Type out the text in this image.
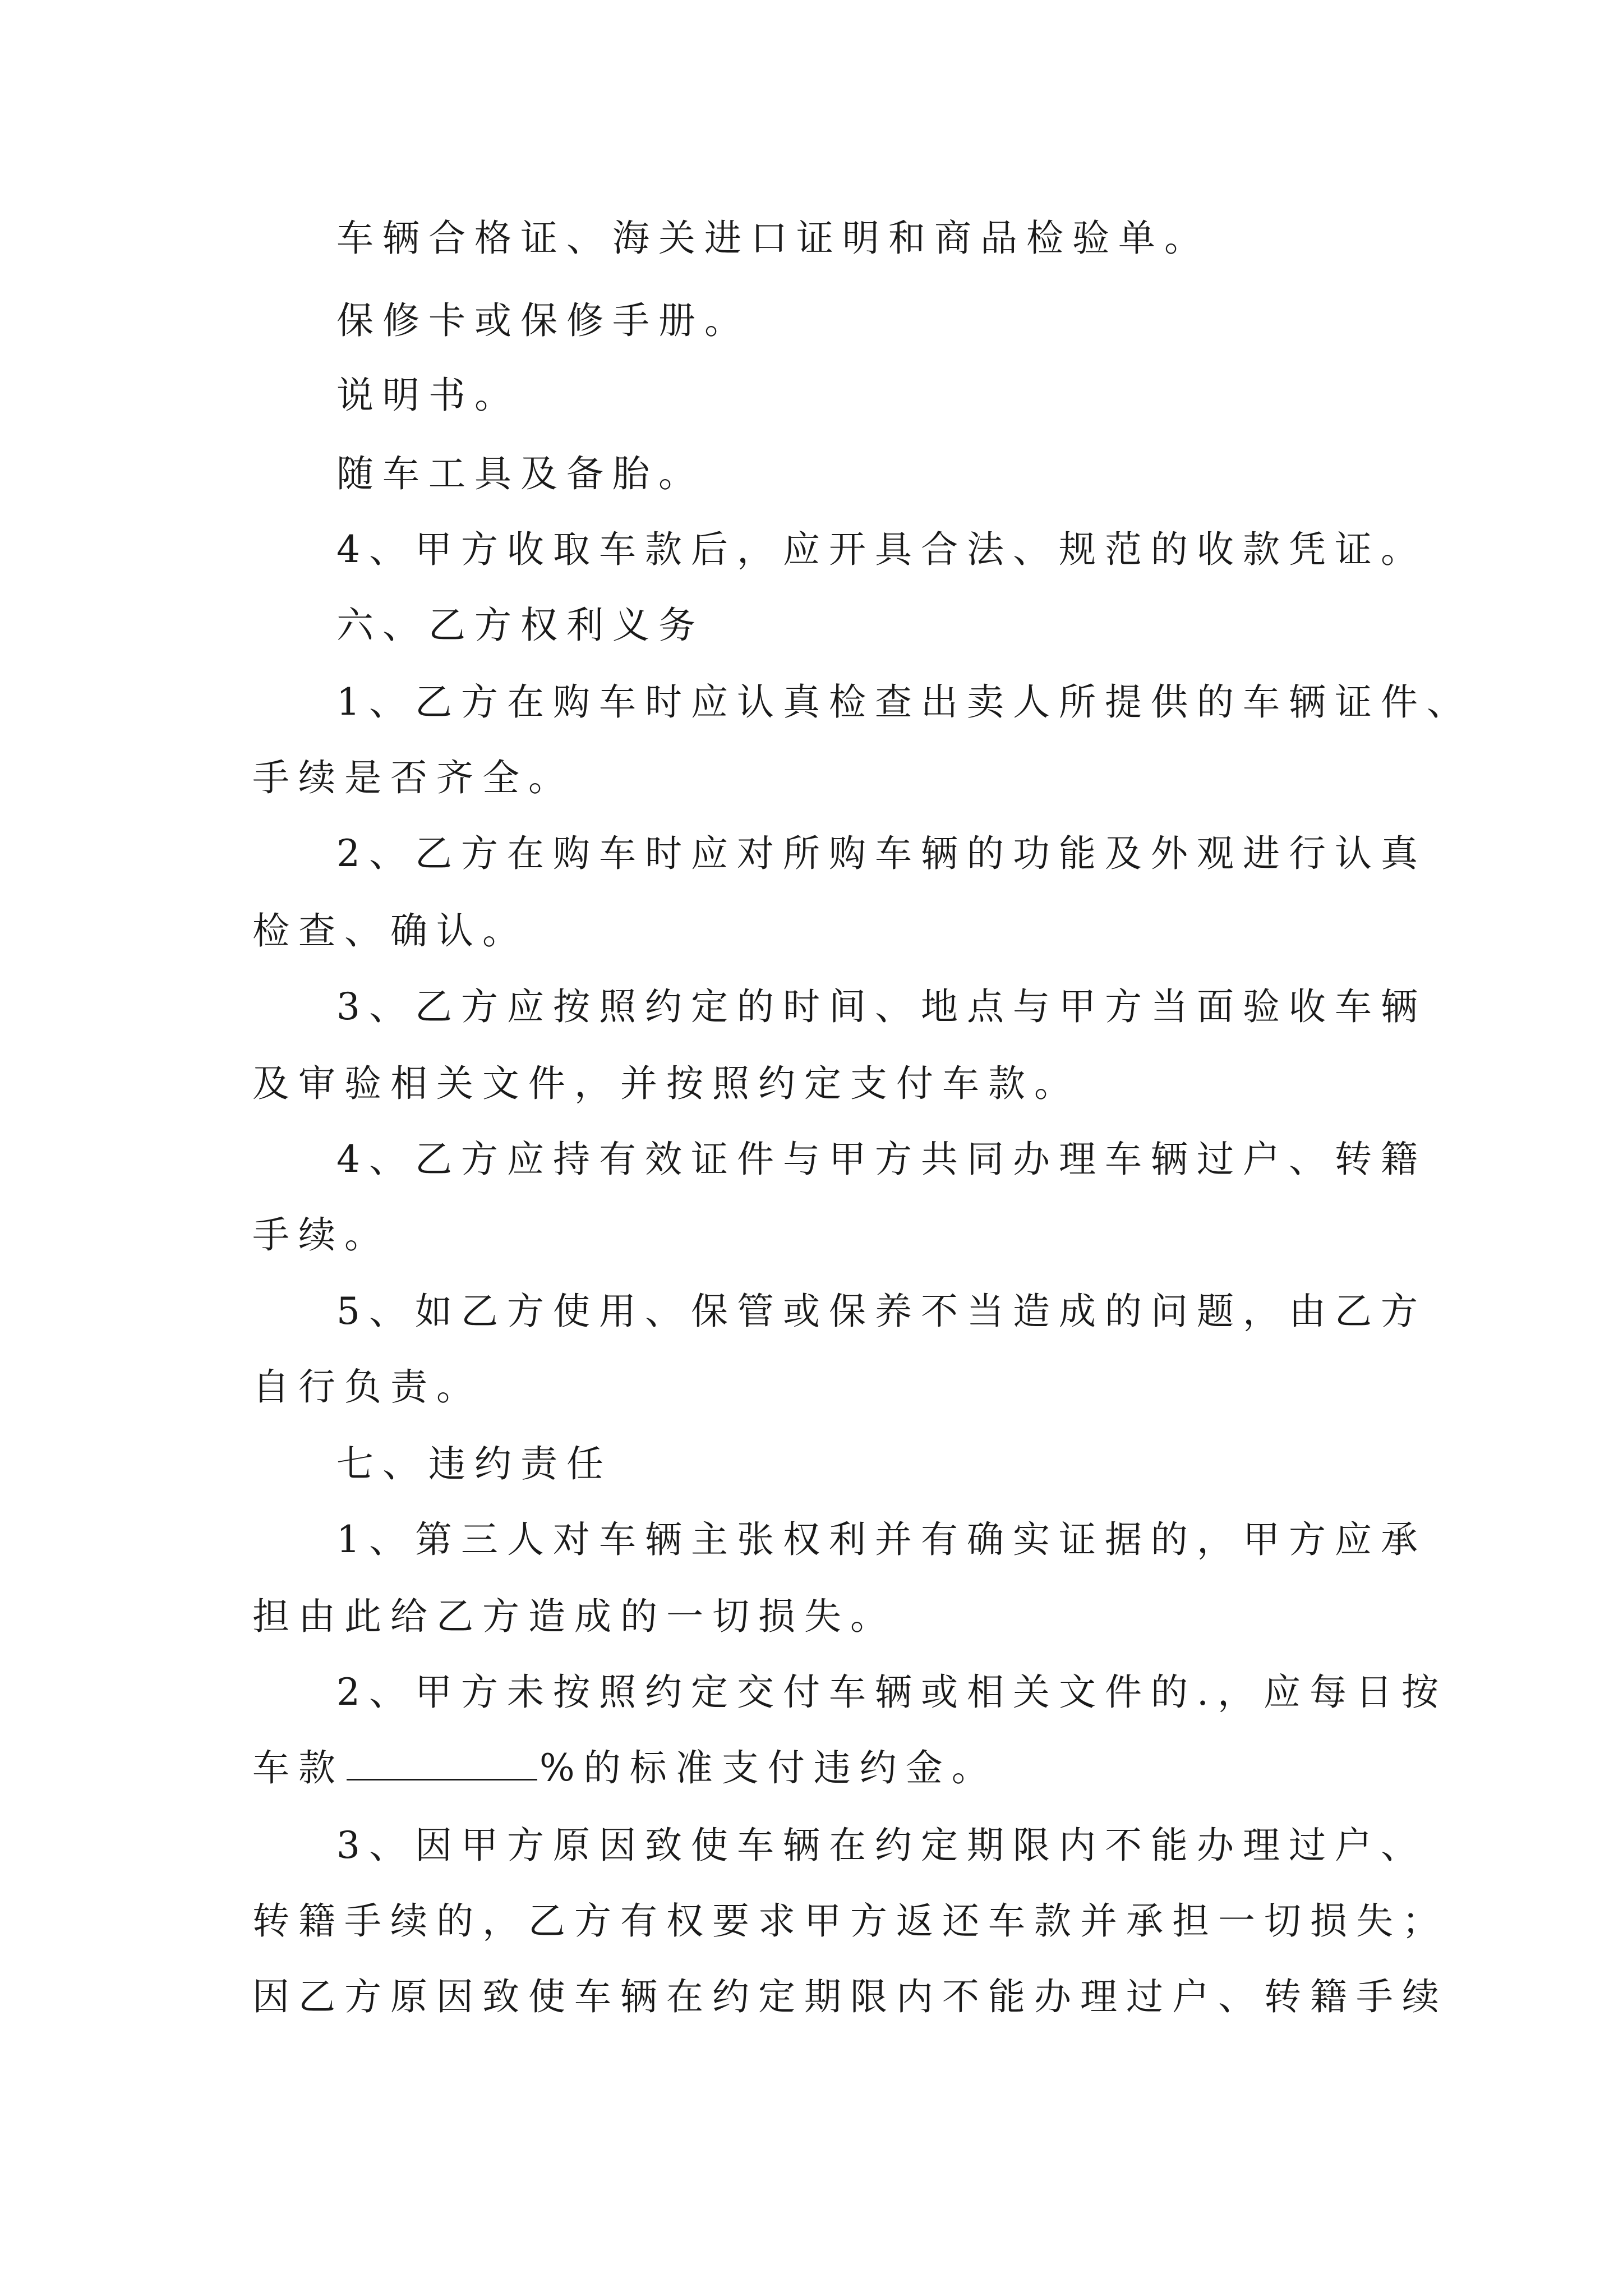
车辆合格证、海关进口证明和商品检验单。
保修卡或保修手册。
说明书。
随车工具及备胎。
4、甲方收取车款后，应开具合法、规范的收款凭证。
六、乙方权利义务
1、乙方在购车时应认真检查出卖人所提供的车辆证件、
手续是否齐全。
2、乙方在购车时应对所购车辆的功能及外观进行认真
检查、确认。
3、乙方应按照约定的时间、地点与甲方当面验收车辆
及审验相关文件，并按照约定支付车款。
4、乙方应持有效证件与甲方共同办理车辆过户、转籍
手续。
5、如乙方使用、保管或保养不当造成的问题，由乙方
自行负责。
七、违约责任
1、第三人对车辆主张权利并有确实证据的，甲方应承
担由此给乙方造成的一切损失。
2、甲方未按照约定交付车辆或相关文件的.，应每日按
车款	%的标准支付违约金。
3、因甲方原因致使车辆在约定期限内不能办理过户、
转籍手续的，乙方有权要求甲方返还车款并承担一切损失；
因乙方原因致使车辆在约定期限内不能办理过户、转籍手续
